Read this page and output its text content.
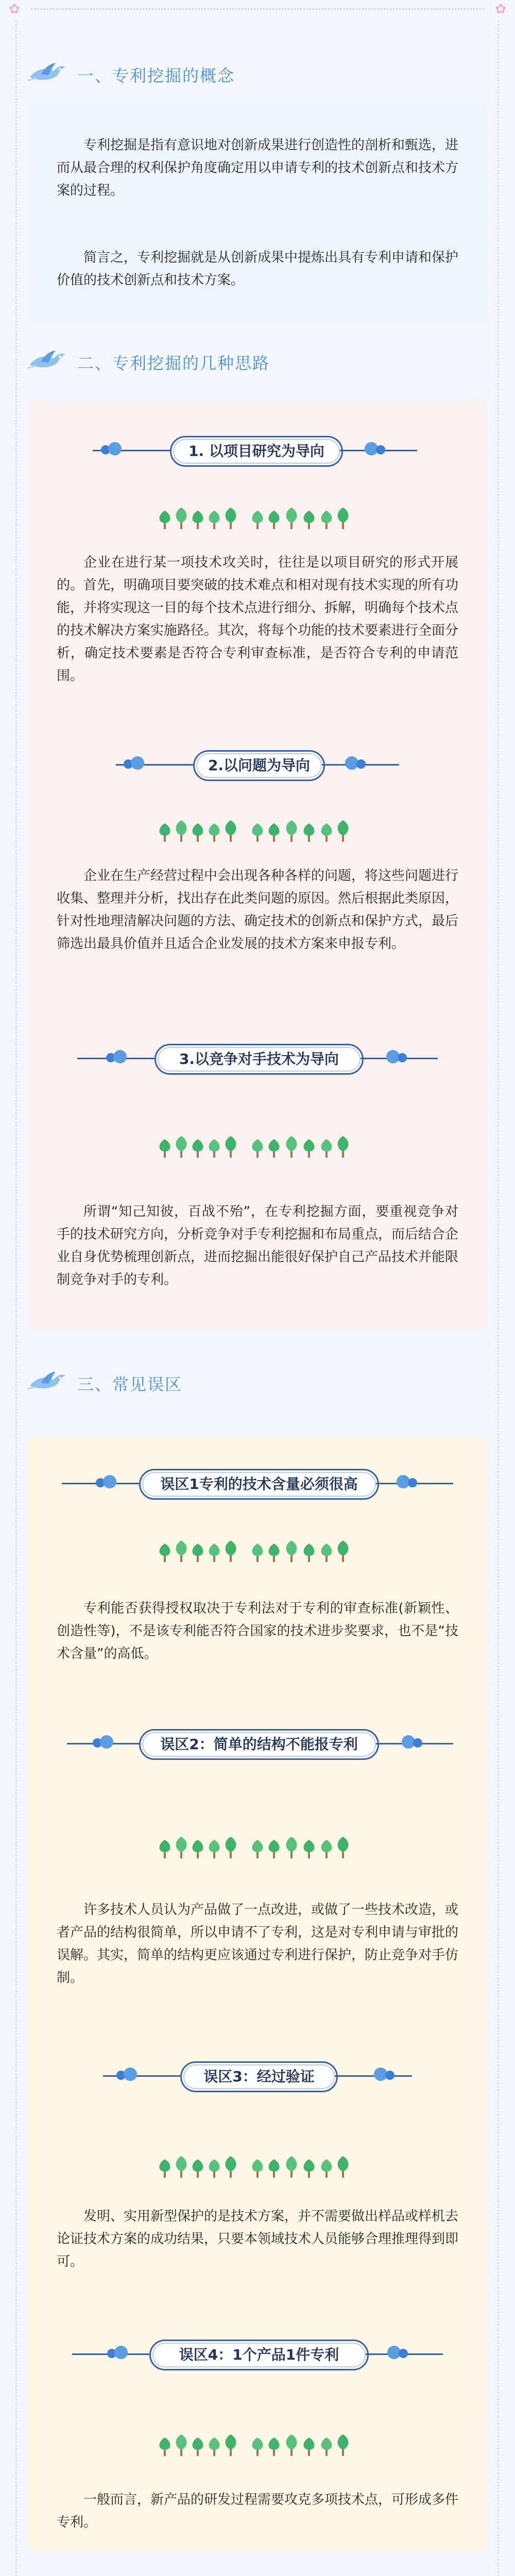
✿	✿
一、专利挖掘的概念
专利挖掘是指有意识地对创新成果进行创造性的剖析和甄选，进而从最合理的权利保护角度确定用以申请专利的技术创新点和技术方案的过程。
简言之，专利挖掘就是从创新成果中提炼出具有专利申请和保护价值的技术创新点和技术方案。
二、专利挖掘的几种思路
1. 以项目研究为导向
企业在进行某一项技术攻关时，往往是以项目研究的形式开展的。首先，明确项目要突破的技术难点和相对现有技术实现的所有功能，并将实现这一目的每个技术点进行细分、拆解，明确每个技术点的技术解决方案实施路径。其次，将每个功能的技术要素进行全面分析，确定技术要素是否符合专利审查标准，是否符合专利的申请范围。
2.以问题为导向
企业在生产经营过程中会出现各种各样的问题，将这些问题进行收集、整理并分析，找出存在此类问题的原因。然后根据此类原因，针对性地理清解决问题的方法、确定技术的创新点和保护方式，最后筛选出最具价值并且适合企业发展的技术方案来申报专利。
3.以竞争对手技术为导向
所谓“知己知彼，百战不殆”，在专利挖掘方面，要重视竞争对手的技术研究方向，分析竞争对手专利挖掘和布局重点，而后结合企业自身优势梳理创新点，进而挖掘出能很好保护自己产品技术并能限制竞争对手的专利。
三、常见误区
误区1专利的技术含量必须很高
专利能否获得授权取决于专利法对于专利的审查标准(新颖性、创造性等)，不是该专利能否符合国家的技术进步奖要求，也不是“技术含量”的高低。
误区2：简单的结构不能报专利
许多技术人员认为产品做了一点改进，或做了一些技术改造，或者产品的结构很简单，所以申请不了专利，这是对专利申请与审批的误解。其实，简单的结构更应该通过专利进行保护，防止竞争对手仿制。
误区3：经过验证
发明、实用新型保护的是技术方案，并不需要做出样品或样机去论证技术方案的成功结果，只要本领域技术人员能够合理推理得到即可。
误区4：1个产品1件专利
一般而言，新产品的研发过程需要攻克多项技术点，可形成多件专利。
